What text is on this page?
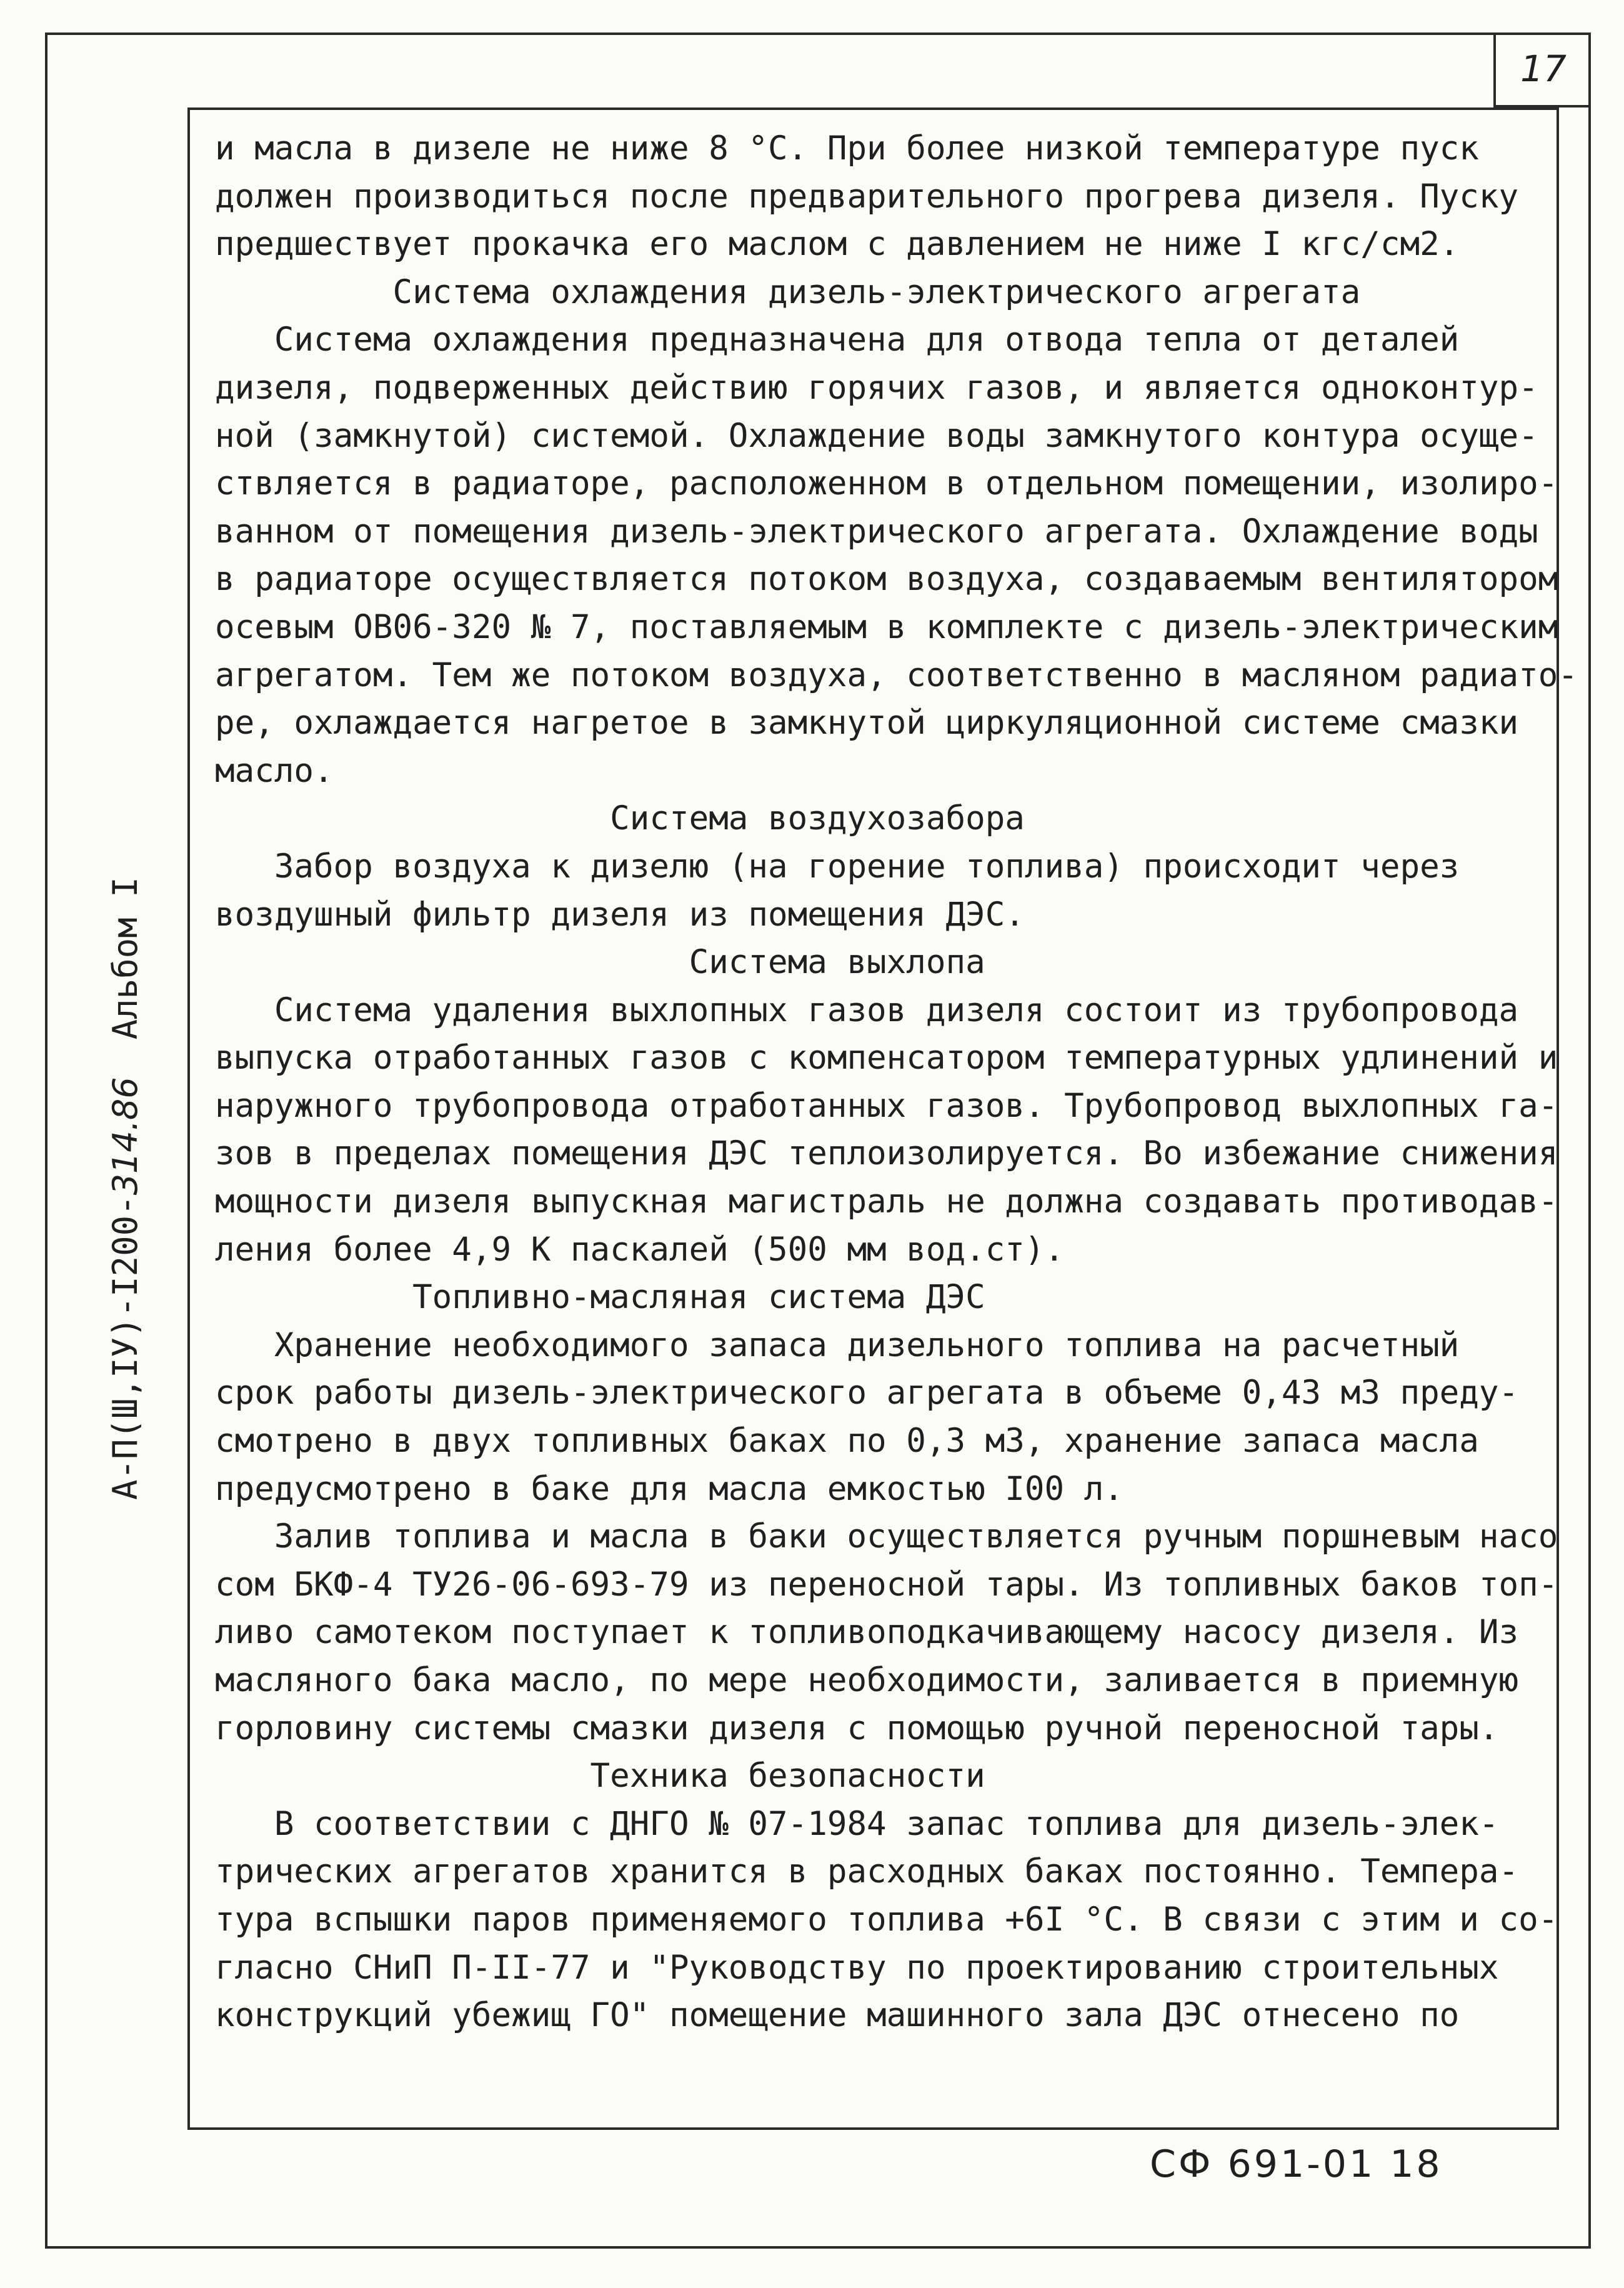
17
А-П(Ш,ІУ)-І200-314.86
Альбом І

и масла в дизеле не ниже 8 °С. При более низкой температуре пуск

должен производиться после предварительного прогрева дизеля. Пуску

предшествует прокачка его маслом с давлением не ниже І кгс/см2.

Система охлаждения дизель-электрического агрегата

Система охлаждения предназначена для отвода тепла от деталей

дизеля, подверженных действию горячих газов, и является одноконтур-

ной (замкнутой) системой. Охлаждение воды замкнутого контура осуще-

ствляется в радиаторе, расположенном в отдельном помещении, изолиро-

ванном от помещения дизель-электрического агрегата. Охлаждение воды

в радиаторе осуществляется потоком воздуха, создаваемым вентилятором

осевым ОВ06-320 № 7, поставляемым в комплекте с дизель-электрическим

агрегатом. Тем же потоком воздуха, соответственно в масляном радиато-

ре, охлаждается нагретое в замкнутой циркуляционной системе смазки

масло.

Система воздухозабора

Забор воздуха к дизелю (на горение топлива) происходит через

воздушный фильтр дизеля из помещения ДЭС.

Система выхлопа

Система удаления выхлопных газов дизеля состоит из трубопровода

выпуска отработанных газов с компенсатором температурных удлинений и

наружного трубопровода отработанных газов. Трубопровод выхлопных га-

зов в пределах помещения ДЭС теплоизолируется. Во избежание снижения

мощности дизеля выпускная магистраль не должна создавать противодав-

ления более 4,9 К паскалей (500 мм вод.ст).

Топливно-масляная система ДЭС

Хранение необходимого запаса дизельного топлива на расчетный

срок работы дизель-электрического агрегата в объеме 0,43 м3 преду-

смотрено в двух топливных баках по 0,3 м3, хранение запаса масла

предусмотрено в баке для масла емкостью І00 л.

Залив топлива и масла в баки осуществляется ручным поршневым насо

сом БКФ-4 ТУ26-06-693-79 из переносной тары. Из топливных баков топ-

ливо самотеком поступает к топливоподкачивающему насосу дизеля. Из

масляного бака масло, по мере необходимости, заливается в приемную

горловину системы смазки дизеля с помощью ручной переносной тары.

Техника безопасности

В соответствии с ДНГО № 07-1984 запас топлива для дизель-элек-

трических агрегатов хранится в расходных баках постоянно. Темпера-

тура вспышки паров применяемого топлива +6І °С. В связи с этим и со-

гласно СНиП П-ІІ-77 и "Руководству по проектированию строительных

конструкций убежищ ГО" помещение машинного зала ДЭС отнесено по

СФ 691-01 18
